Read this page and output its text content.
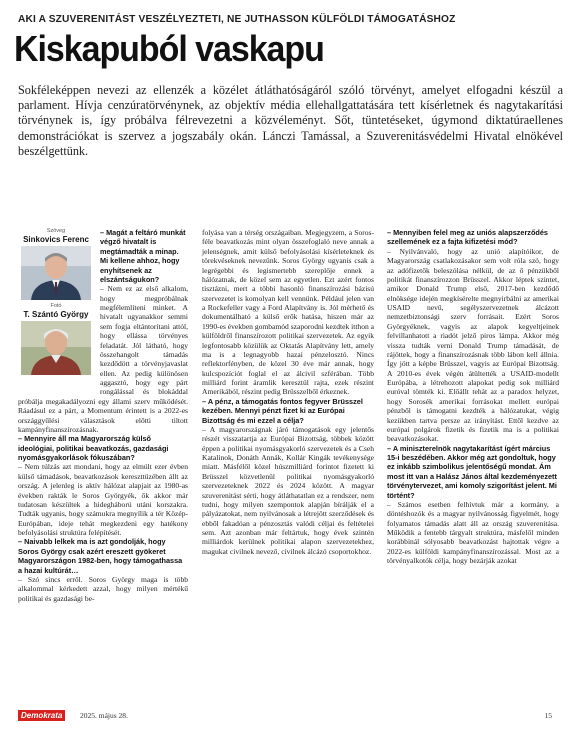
AKI A SZUVERENITÁST VESZÉLYEZTETI, NE JUTHASSON KÜLFÖLDI TÁMOGATÁSHOZ
Kiskapuból vaskapu

Sokféleképpen nevezi az ellenzék a közélet átláthatóságáról szóló törvényt, amelyet elfogadni készül a parlament. Hívja cenzúratörvénynek, az objektív média ellehallgattatására tett kísérletnek és nagytakarítási törvénynek is, így próbálva félrevezetni a közvéleményt. Sőt, tüntetéseket, úgymond diktatúraellenes demonstrációkat is szervez a jogszabály okán. Lánczi Tamással, a Szuverenitásvédelmi Hivatal elnökével beszélgettünk.

Szöveg
Sinkovics Ferenc
Fotó
T. Szántó György

– Magát a feltáró munkát végző hivatalt is megtámadták a minap. Mi kellene ahhoz, hogy enyhítsenek az elszántságukon?

– Nem ez az első alkalom, hogy megpróbálnak megfélemlíteni minket. A hivatalt ugyanakkor semmi sem fogja eltántorítani attól, hogy ellássa törvényes feladatát. Jól látható, hogy összehangolt támadás kezdődött a törvényjavaslat ellen. Az pedig különösen aggasztó, hogy egy párt rongálással és blokáddal próbálja megakadályozni egy állami szerv működését. Ráadásul ez a párt, a Momentum érintett is a 2022-es országgyűlési választások előtti tiltott kampányfinanszírozásnak.

– Mennyire áll ma Magyarország külső ideológiai, politikai beavatkozás, gazdasági nyomásgyakorlások fókuszában?

– Nem túlzás azt mondani, hogy az elmúlt ezer évben külső támadások, beavatkozások kereszttüzében állt az ország. A jelenleg is aktív hálózat alapjait az 1980-as években rakták le Soros Györgyék, ők akkor már tudatosan készültek a hidegháború utáni korszakra. Tudták ugyanis, hogy számukra megnyílik a tér Közép-Európában, ideje tehát megkezdeni egy hatékony befolyásolási struktúra felépítését.

– Naivabb lelkek ma is azt gondolják, hogy Soros György csak azért ereszett gyökeret Magyarországon 1982-ben, hogy támogathassa a hazai kultúrát…

– Szó sincs erről. Soros György maga is több alkalommal kérkedett azzal, hogy milyen mértékű politikai és gazdasági be-

folyása van a térség országaiban. Megjegyzem, a Soros-féle beavatkozás mint olyan összefoglaló neve annak a jelenségnek, amit külső befolyásolási kísérleteknek és törekvéseknek nevezünk. Soros György ugyanis csak a legrégebbi és legismertebb szereplője ennek a hálózatnak, de közel sem az egyetlen. Ezt azért fontos tisztázni, mert a többi hasonló finanszírozási bázisú szervezetet is komolyan kell vennünk. Például jelen van a Rockefeller vagy a Ford Alapítvány is. Jól mérhető és dokumentálható a külső erők hatása, hiszen már az 1990-es években gombamód szaporodni kezdtek itthon a külföldről finanszírozott politikai szervezetek. Az egyik legfontosabb közülük az Oktatás Alapítvány lett, amely ma is a legnagyobb hazai pénzelosztó. Nincs reflektorfényben, de közel 30 éve már annak, hogy kulcspozíciót foglal el az álcivil szférában. Több milliárd forint áramlik keresztül rajta, ezek részint Amerikából, részint pedig Brüsszelből érkeznek.

– A pénz, a támogatás fontos fegyver Brüsszel kezében. Mennyi pénzt fizet ki az Európai Bizottság és mi ezzel a célja?

– A magyarországnak járó támogatások egy jelentős részét visszatartja az Európai Bizottság, többek között éppen a politikai nyomásgyakorló szervezetek és a Cseh Katalinok, Donáth Annák, Kollár Kingák tevékenysége miatt. Másfélől közel húszmilliárd forintot fizetett ki Brüsszel közvetlenül politikai nyomásgyakorló szervezeteknek 2022 és 2024 között. A magyar szuverenitást sérti, hogy átláthatatlan ez a rendszer, nem tudni, hogy milyen szempontok alapján bírálják el a pályázatokat, nem nyilvánosak a létrejött szerződések és ebből fakadóan a pénzosztás valódi céljai és feltételei sem. Azt azonban már feltártuk, hogy évek szintén milliárdok kerülnek politikai alapon szervezetekhez, magukat civilnek nevező, civilnek álcázó csoportokhoz.

– Mennyiben felel meg az uniós alapszerződés szellemének ez a fajta kifizetési mód?

– Nyilvánvaló, hogy az unió alapítóikor, de Magyarország csatlakozásakor sem volt róla szó, hogy az adófizetők beleszólása nélkül, de az ő pénzükből politikát finanszírozzon Brüsszel. Akkor léptek szintet, amikor Donald Trump első, 2017-ben kezdődő elnöksége idején megkísérelte megnyirbálni az amerikai USAID nevű, segélyszervezetnek álcázott nemzetbiztonsági szerv forrásait. Ezért Soros Györgyéknek, vagyis az alapok kegyeltjeinek felvillanhatott a riadót jelző piros lámpa. Akkor még vissza tudták verni Donald Trump támadását, de rájöttek, hogy a finanszírozásnak több lábon kell állnia. Így jött a képbe Brüsszel, vagyis az Európai Bizottság. A 2010-es évek végén átültették a USAID-modellt Európába, a létrehozott alapokat pedig sok milliárd euróval tömték ki. Előállt tehát az a paradox helyzet, hogy Sorosék amerikai forrásokat mellett európai pénzből is támogatni kezdték a hálózatukat, végig kezükben tartva persze az irányítást. Ettől kezdve az európai polgárok fizetik és fizetik ma is a politikai beavatkozásokat.

– A miniszterelnök nagytakarítást ígért március 15-i beszédében. Akkor még azt gondoltuk, hogy ez inkább szimbolikus jelentőségű mondat. Ám most itt van a Halász János által kezdeményezett törvénytervezet, ami komoly szigorítást jelent. Mi történt?

– Számos esetben felhívtuk már a kormány, a döntéshozók és a magyar nyilvánosság figyelmét, hogy folyamatos támadás alatt áll az ország szuverenitása. Működik a fentebb tárgyalt struktúra, másfelől minden korábbinál sólyosabb beavatkozást hajtottak végre a 2022-es külföldi kampányfinanszírozással. Most az a törvényalkotók célja, hogy bezárják azokat

Demokrata	2025. május 28.	15
